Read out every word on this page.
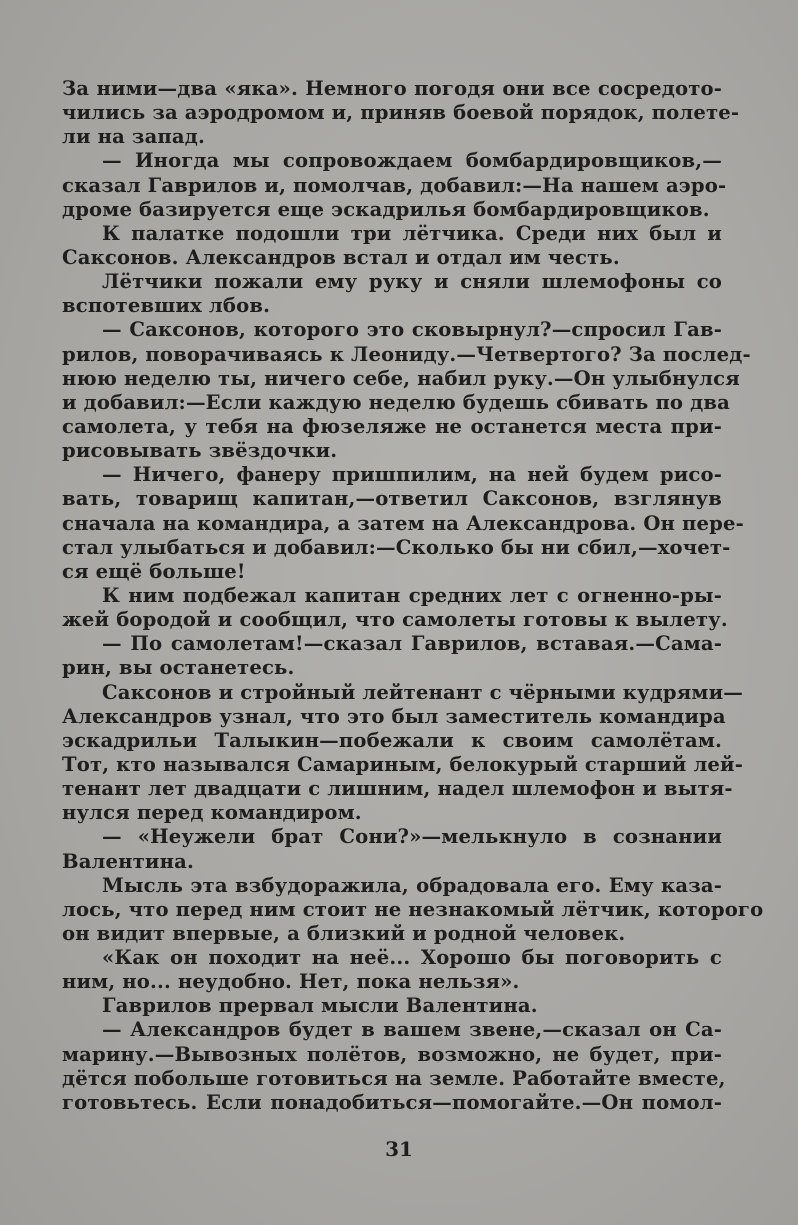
За ними—два «яка». Немного погодя они все сосредото-
чились за аэродромом и, приняв боевой порядок, полете-
ли на запад.
— Иногда мы сопровождаем бомбардировщиков,—
сказал Гаврилов и, помолчав, добавил:—На нашем аэро-
дроме базируется еще эскадрилья бомбардировщиков.
К палатке подошли три лётчика. Среди них был и
Саксонов. Александров встал и отдал им честь.
Лётчики пожали ему руку и сняли шлемофоны со
вспотевших лбов.
— Саксонов, которого это сковырнул?—спросил Гав-
рилов, поворачиваясь к Леониду.—Четвертого? За послед-
нюю неделю ты, ничего себе, набил руку.—Он улыбнулся
и добавил:—Если каждую неделю будешь сбивать по два
самолета, у тебя на фюзеляже не останется места при-
рисовывать звёздочки.
— Ничего, фанеру пришпилим, на ней будем рисо-
вать, товарищ капитан,—ответил Саксонов, взглянув
сначала на командира, а затем на Александрова. Он пере-
стал улыбаться и добавил:—Сколько бы ни сбил,—хочет-
ся ещё больше!
К ним подбежал капитан средних лет с огненно-ры-
жей бородой и сообщил, что самолеты готовы к вылету.
— По самолетам!—сказал Гаврилов, вставая.—Сама-
рин, вы останетесь.
Саксонов и стройный лейтенант с чёрными кудрями—
Александров узнал, что это был заместитель командира
эскадрильи Талыкин—побежали к своим самолётам.
Тот, кто назывался Самариным, белокурый старший лей-
тенант лет двадцати с лишним, надел шлемофон и вытя-
нулся перед командиром.
— «Неужели брат Сони?»—мелькнуло в сознании
Валентина.
Мысль эта взбудоражила, обрадовала его. Ему каза-
лось, что перед ним стоит не незнакомый лётчик, которого
он видит впервые, а близкий и родной человек.
«Как он походит на неё... Хорошо бы поговорить с
ним, но... неудобно. Нет, пока нельзя».
Гаврилов прервал мысли Валентина.
— Александров будет в вашем звене,—сказал он Са-
марину.—Вывозных полётов, возможно, не будет, при-
дётся побольше готовиться на земле. Работайте вместе,
готовьтесь. Если понадобиться—помогайте.—Он помол-
31
